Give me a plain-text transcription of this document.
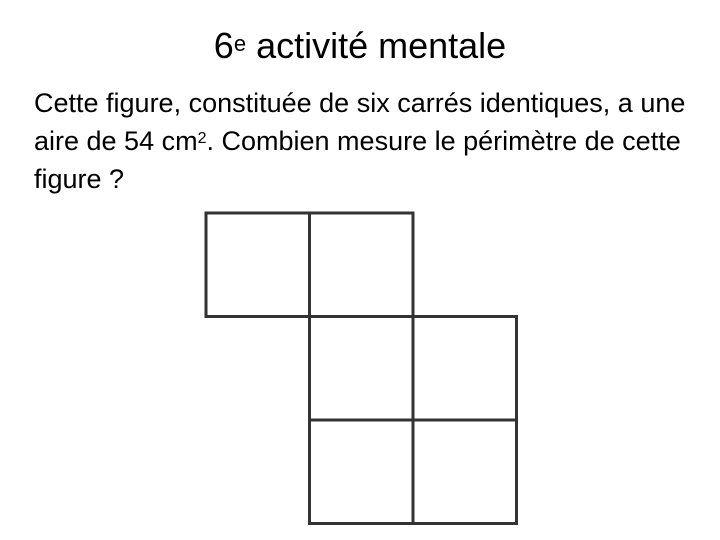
6e activité mentale
Cette figure, constituée de six carrés identiques, a une aire de 54 $cm^2$. Combien mesure le périmètre de cette figure ?
